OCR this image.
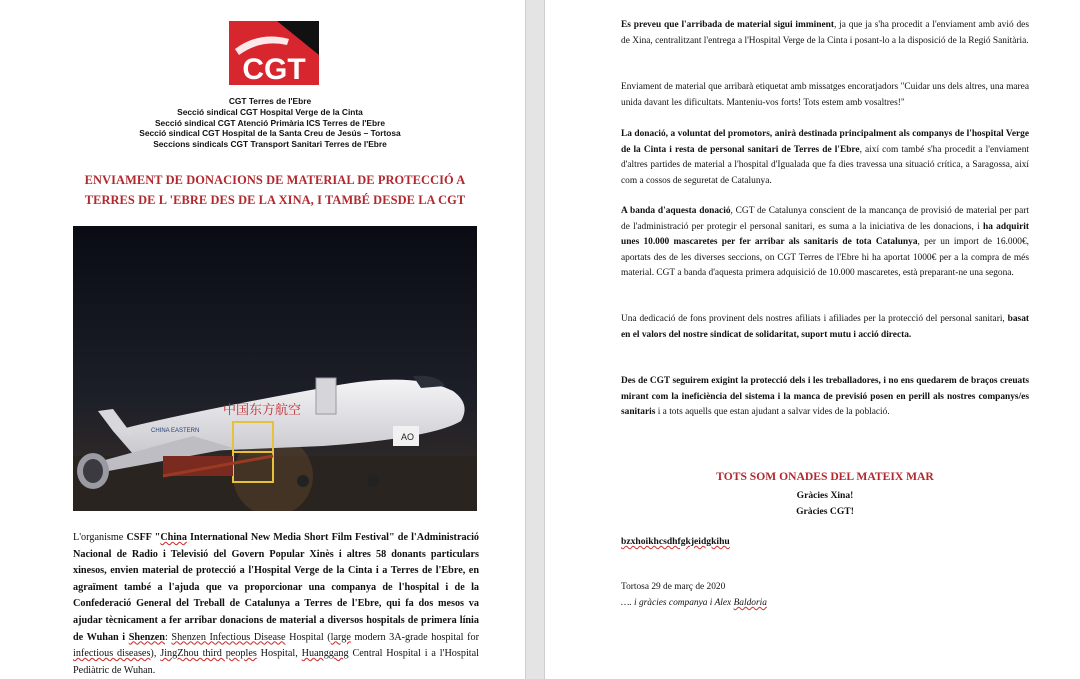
CGT
CGT Terres de l'Ebre
Secció sindical CGT Hospital Verge de la Cinta
Secció sindical CGT Atenció Primària ICS Terres de l'Ebre
Secció sindical CGT Hospital de la Santa Creu de Jesús – Tortosa
Seccions sindicals CGT Transport Sanitari Terres de l'Ebre
ENVIAMENT DE DONACIONS DE MATERIAL DE PROTECCIÓ A
TERRES DE L 'EBRE DES DE LA XINA, I TAMBÉ DESDE LA CGT
中国东方航空
CHINA EASTERN
AO
L'organisme CSFF "China International New Media Short Film Festival" de l'Administració Nacional de Radio i Televisió del Govern Popular Xinès i altres 58 donants particulars xinesos, envien material de protecció a l'Hospital Verge de la Cinta i a Terres de l'Ebre, en agraïment també a l'ajuda que va proporcionar una companya de l'hospital i de la Confederació General del Treball de Catalunya a Terres de l'Ebre, qui fa dos mesos va ajudar tècnicament a fer arribar donacions de material a diversos hospitals de primera línia de Wuhan i Shenzen: Shenzen Infectious Disease Hospital (large modern 3A-grade hospital for infectious diseases), JingZhou third peoples Hospital, Huanggang Central Hospital i a l'Hospital Pediàtric de Wuhan.
Es preveu que l'arribada de material sigui imminent, ja que ja s'ha procedit a l'enviament amb avió des de Xina, centralitzant l'entrega a l'Hospital Verge de la Cinta i posant-lo a la disposició de la Regió Sanitària.
Enviament de material que arribarà etiquetat amb missatges encoratjadors "Cuidar uns dels altres, una marea unida davant les dificultats. Manteniu-vos forts! Tots estem amb vosaltres!"
La donació, a voluntat del promotors, anirà destinada principalment als companys de l'hospital Verge de la Cinta i resta de personal sanitari de Terres de l'Ebre, així com també s'ha procedit a l'enviament d'altres partides de material a l'hospital d'Igualada que fa dies travessa una situació crítica, a Saragossa, així com a cossos de seguretat de Catalunya.
A banda d'aquesta donació, CGT de Catalunya conscient de la mancança de provisió de material per part de l'administració per protegir el personal sanitari, es suma a la iniciativa de les donacions, i ha adquirit unes 10.000 mascaretes per fer arribar als sanitaris de tota Catalunya, per un import de 16.000€, aportats des de les diverses seccions, on CGT Terres de l'Ebre hi ha aportat 1000€ per a la compra de més material. CGT a banda d'aquesta primera adquisició de 10.000 mascaretes, està preparant-ne una segona.
Una dedicació de fons provinent dels nostres afiliats i afiliades per la protecció del personal sanitari, basat en el valors del nostre sindicat de solidaritat, suport mutu i acció directa.
Des de CGT seguirem exigint la protecció dels i les treballadores, i no ens quedarem de braços creuats mirant com la ineficiència del sistema i la manca de previsió posen en perill als nostres companys/es sanitaris i a tots aquells que estan ajudant a salvar vides de la població.
TOTS SOM ONADES DEL MATEIX MAR
Gràcies Xina!
Gràcies CGT!
bzxhoikhcsdhfgkjeidgkihu
Tortosa 29 de març de 2020
…. i gràcies companya i Alex Baldoria
